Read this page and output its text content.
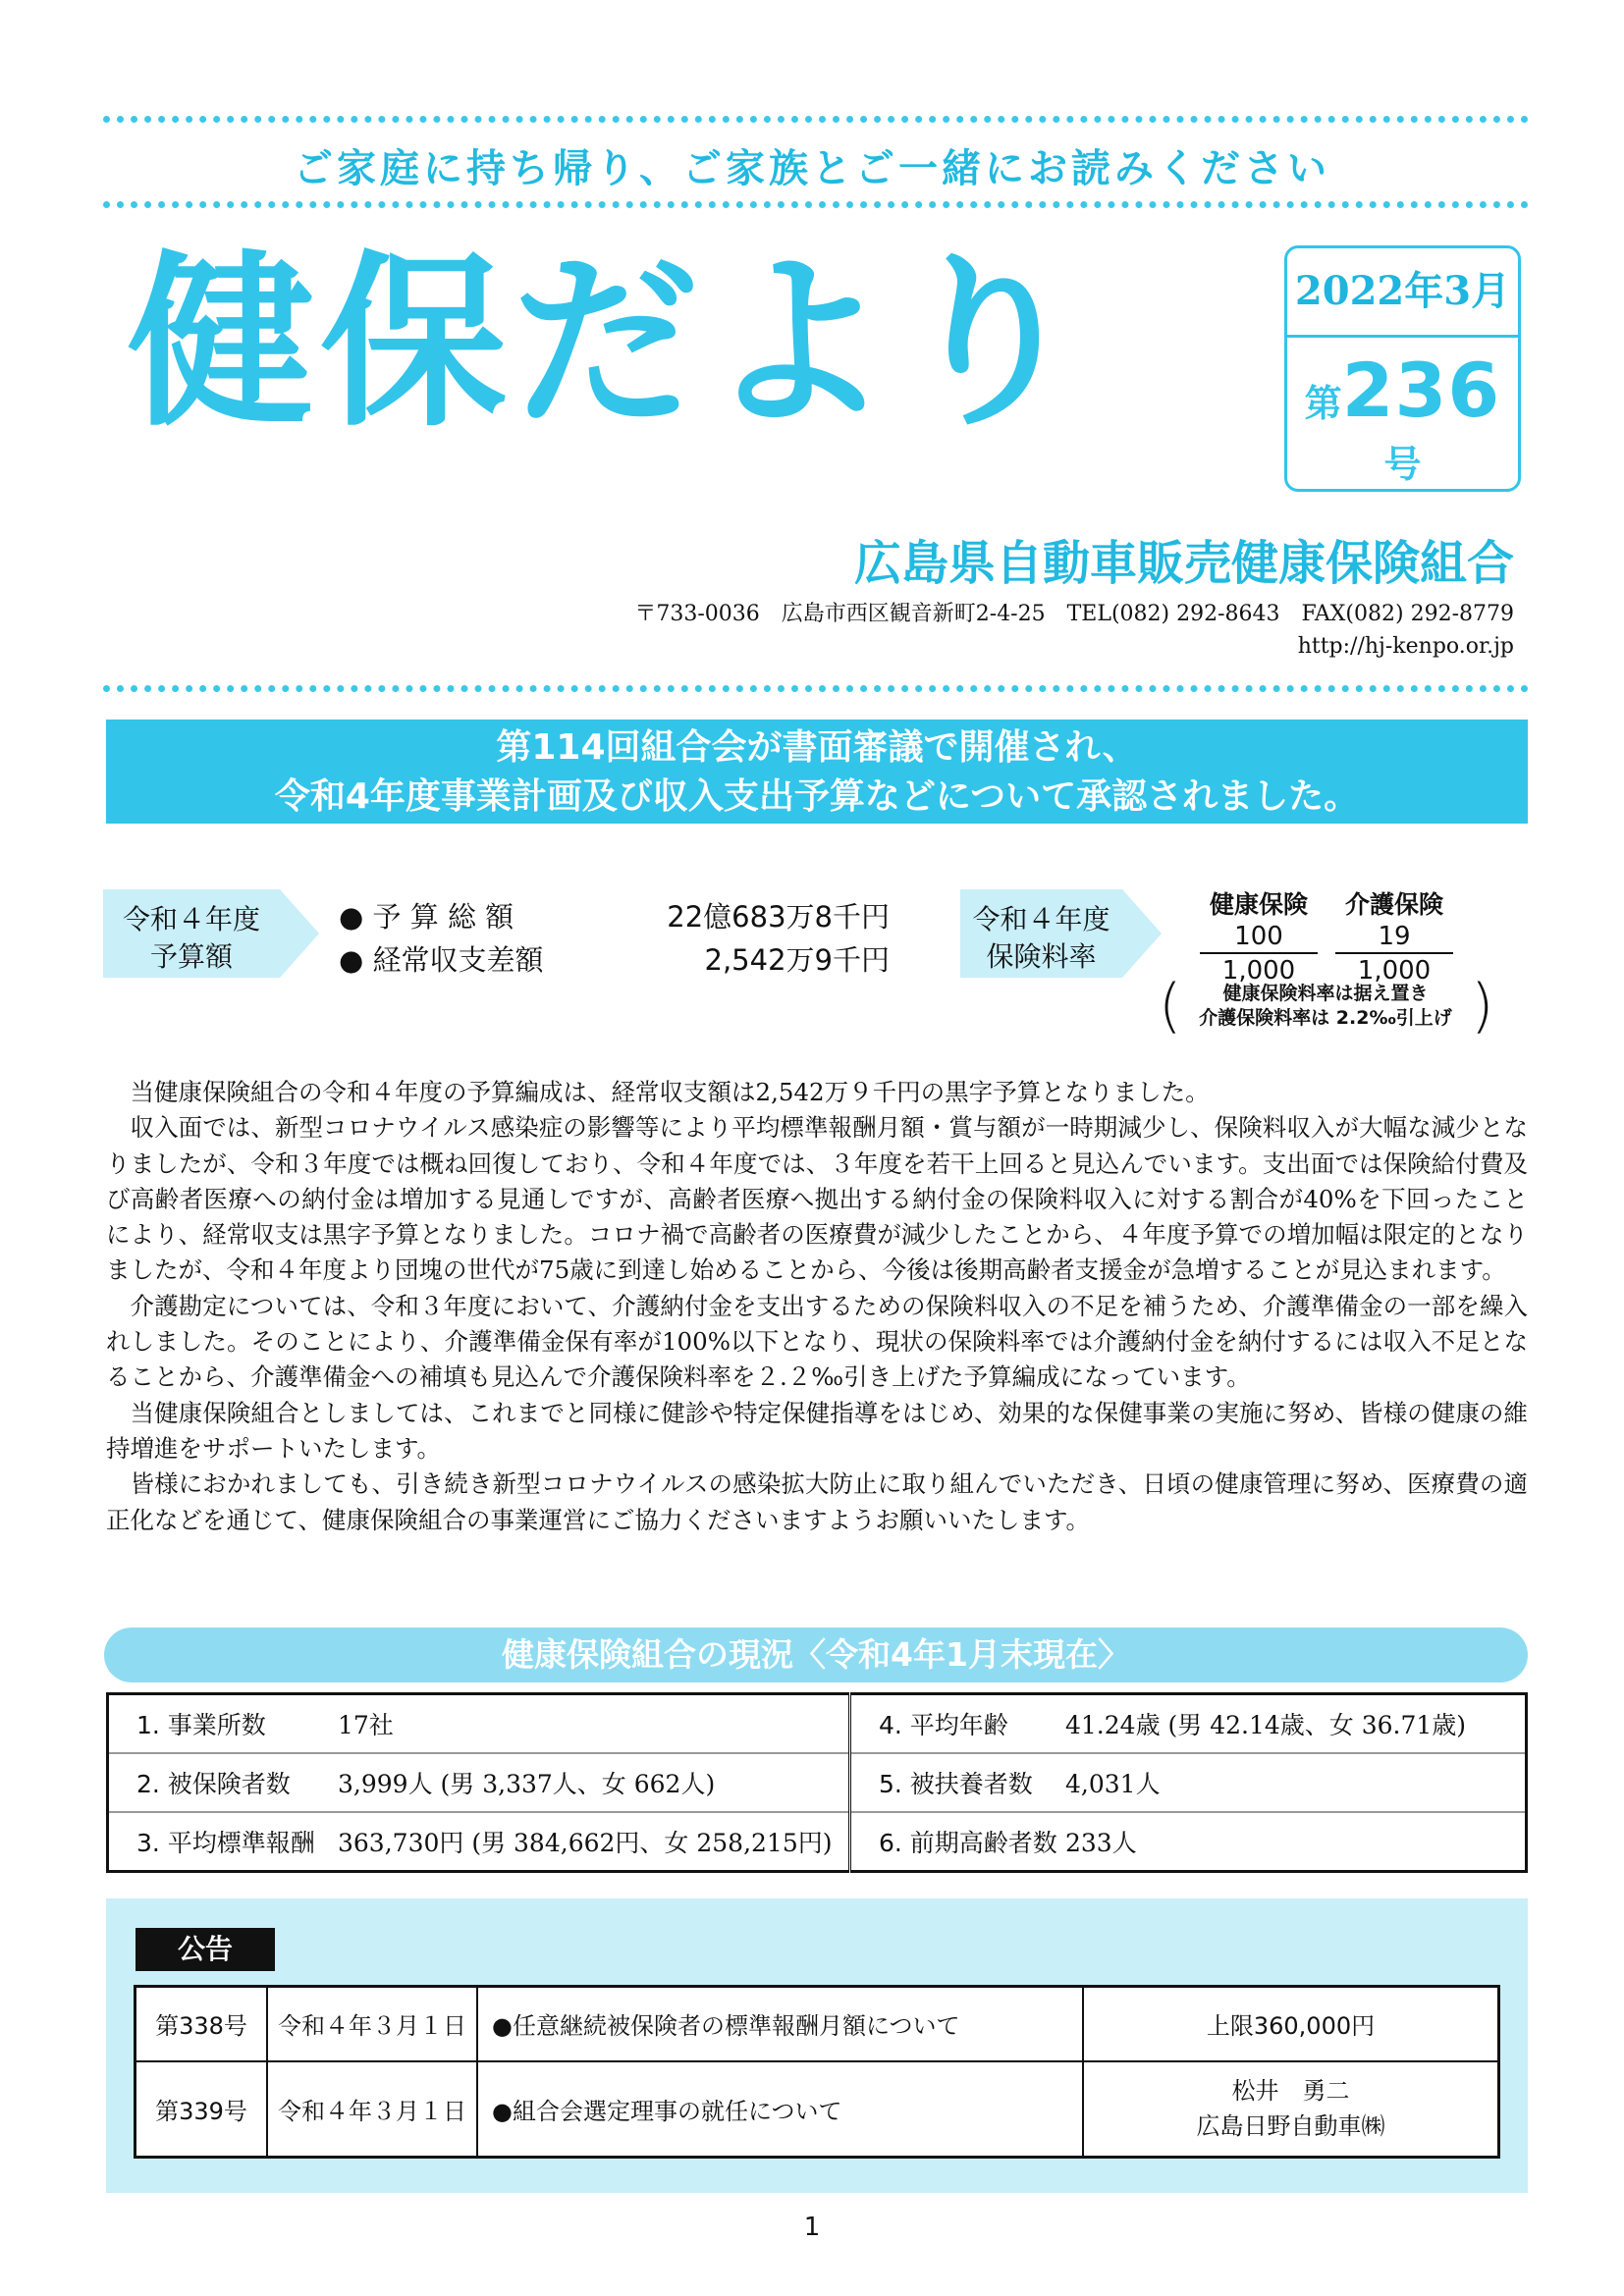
ご家庭に持ち帰り、ご家族とご一緒にお読みください
健保だより	2022年3月
第236号
広島県自動車販売健康保険組合
〒733-0036　広島市西区観音新町2-4-25　TEL(082) 292-8643　FAX(082) 292-8779
http://hj-kenpo.or.jp
第114回組合会が書面審議で開催され、
令和4年度事業計画及び収入支出予算などについて承認されました。
令和４年度
予算額
● 予 算 総 額	22億683万8千円
● 経常収支差額	2,542万9千円
令和４年度
保険料率
健康保険
100
1,000
介護保険
19
1,000
(	健康保険料率は据え置き
介護保険料率は 2.2‰引上げ )

当健康保険組合の令和４年度の予算編成は、経常収支額は2,542万９千円の黒字予算となりました。

収入面では、新型コロナウイルス感染症の影響等により平均標準報酬月額・賞与額が一時期減少し、保険料収入が大幅な減少となりましたが、令和３年度では概ね回復しており、令和４年度では、３年度を若干上回ると見込んでいます。支出面では保険給付費及び高齢者医療への納付金は増加する見通しですが、高齢者医療へ拠出する納付金の保険料収入に対する割合が40%を下回ったことにより、経常収支は黒字予算となりました。コロナ禍で高齢者の医療費が減少したことから、４年度予算での増加幅は限定的となりましたが、令和４年度より団塊の世代が75歳に到達し始めることから、今後は後期高齢者支援金が急増することが見込まれます。

介護勘定については、令和３年度において、介護納付金を支出するための保険料収入の不足を補うため、介護準備金の一部を繰入れしました。そのことにより、介護準備金保有率が100%以下となり、現状の保険料率では介護納付金を納付するには収入不足となることから、介護準備金への補填も見込んで介護保険料率を２.２‰引き上げた予算編成になっています。

当健康保険組合としましては、これまでと同様に健診や特定保健指導をはじめ、効果的な保健事業の実施に努め、皆様の健康の維持増進をサポートいたします。

皆様におかれましても、引き続き新型コロナウイルスの感染拡大防止に取り組んでいただき、日頃の健康管理に努め、医療費の適正化などを通じて、健康保険組合の事業運営にご協力くださいますようお願いいたします。

健康保険組合の現況〈令和4年1月末現在〉
1. 事業所数	17社	4. 平均年齢	41.24歳 (男 42.14歳、女 36.71歳)
2. 被保険者数	3,999人 (男 3,337人、女 662人)	5. 被扶養者数	4,031人
3. 平均標準報酬	363,730円 (男 384,662円、女 258,215円)	6. 前期高齢者数	233人
公告
第338号	令和４年３月１日	●任意継続被保険者の標準報酬月額について	上限360,000円

第339号	令和４年３月１日	●組合会選定理事の就任について	松井　勇二
広島日野自動車㈱
1
